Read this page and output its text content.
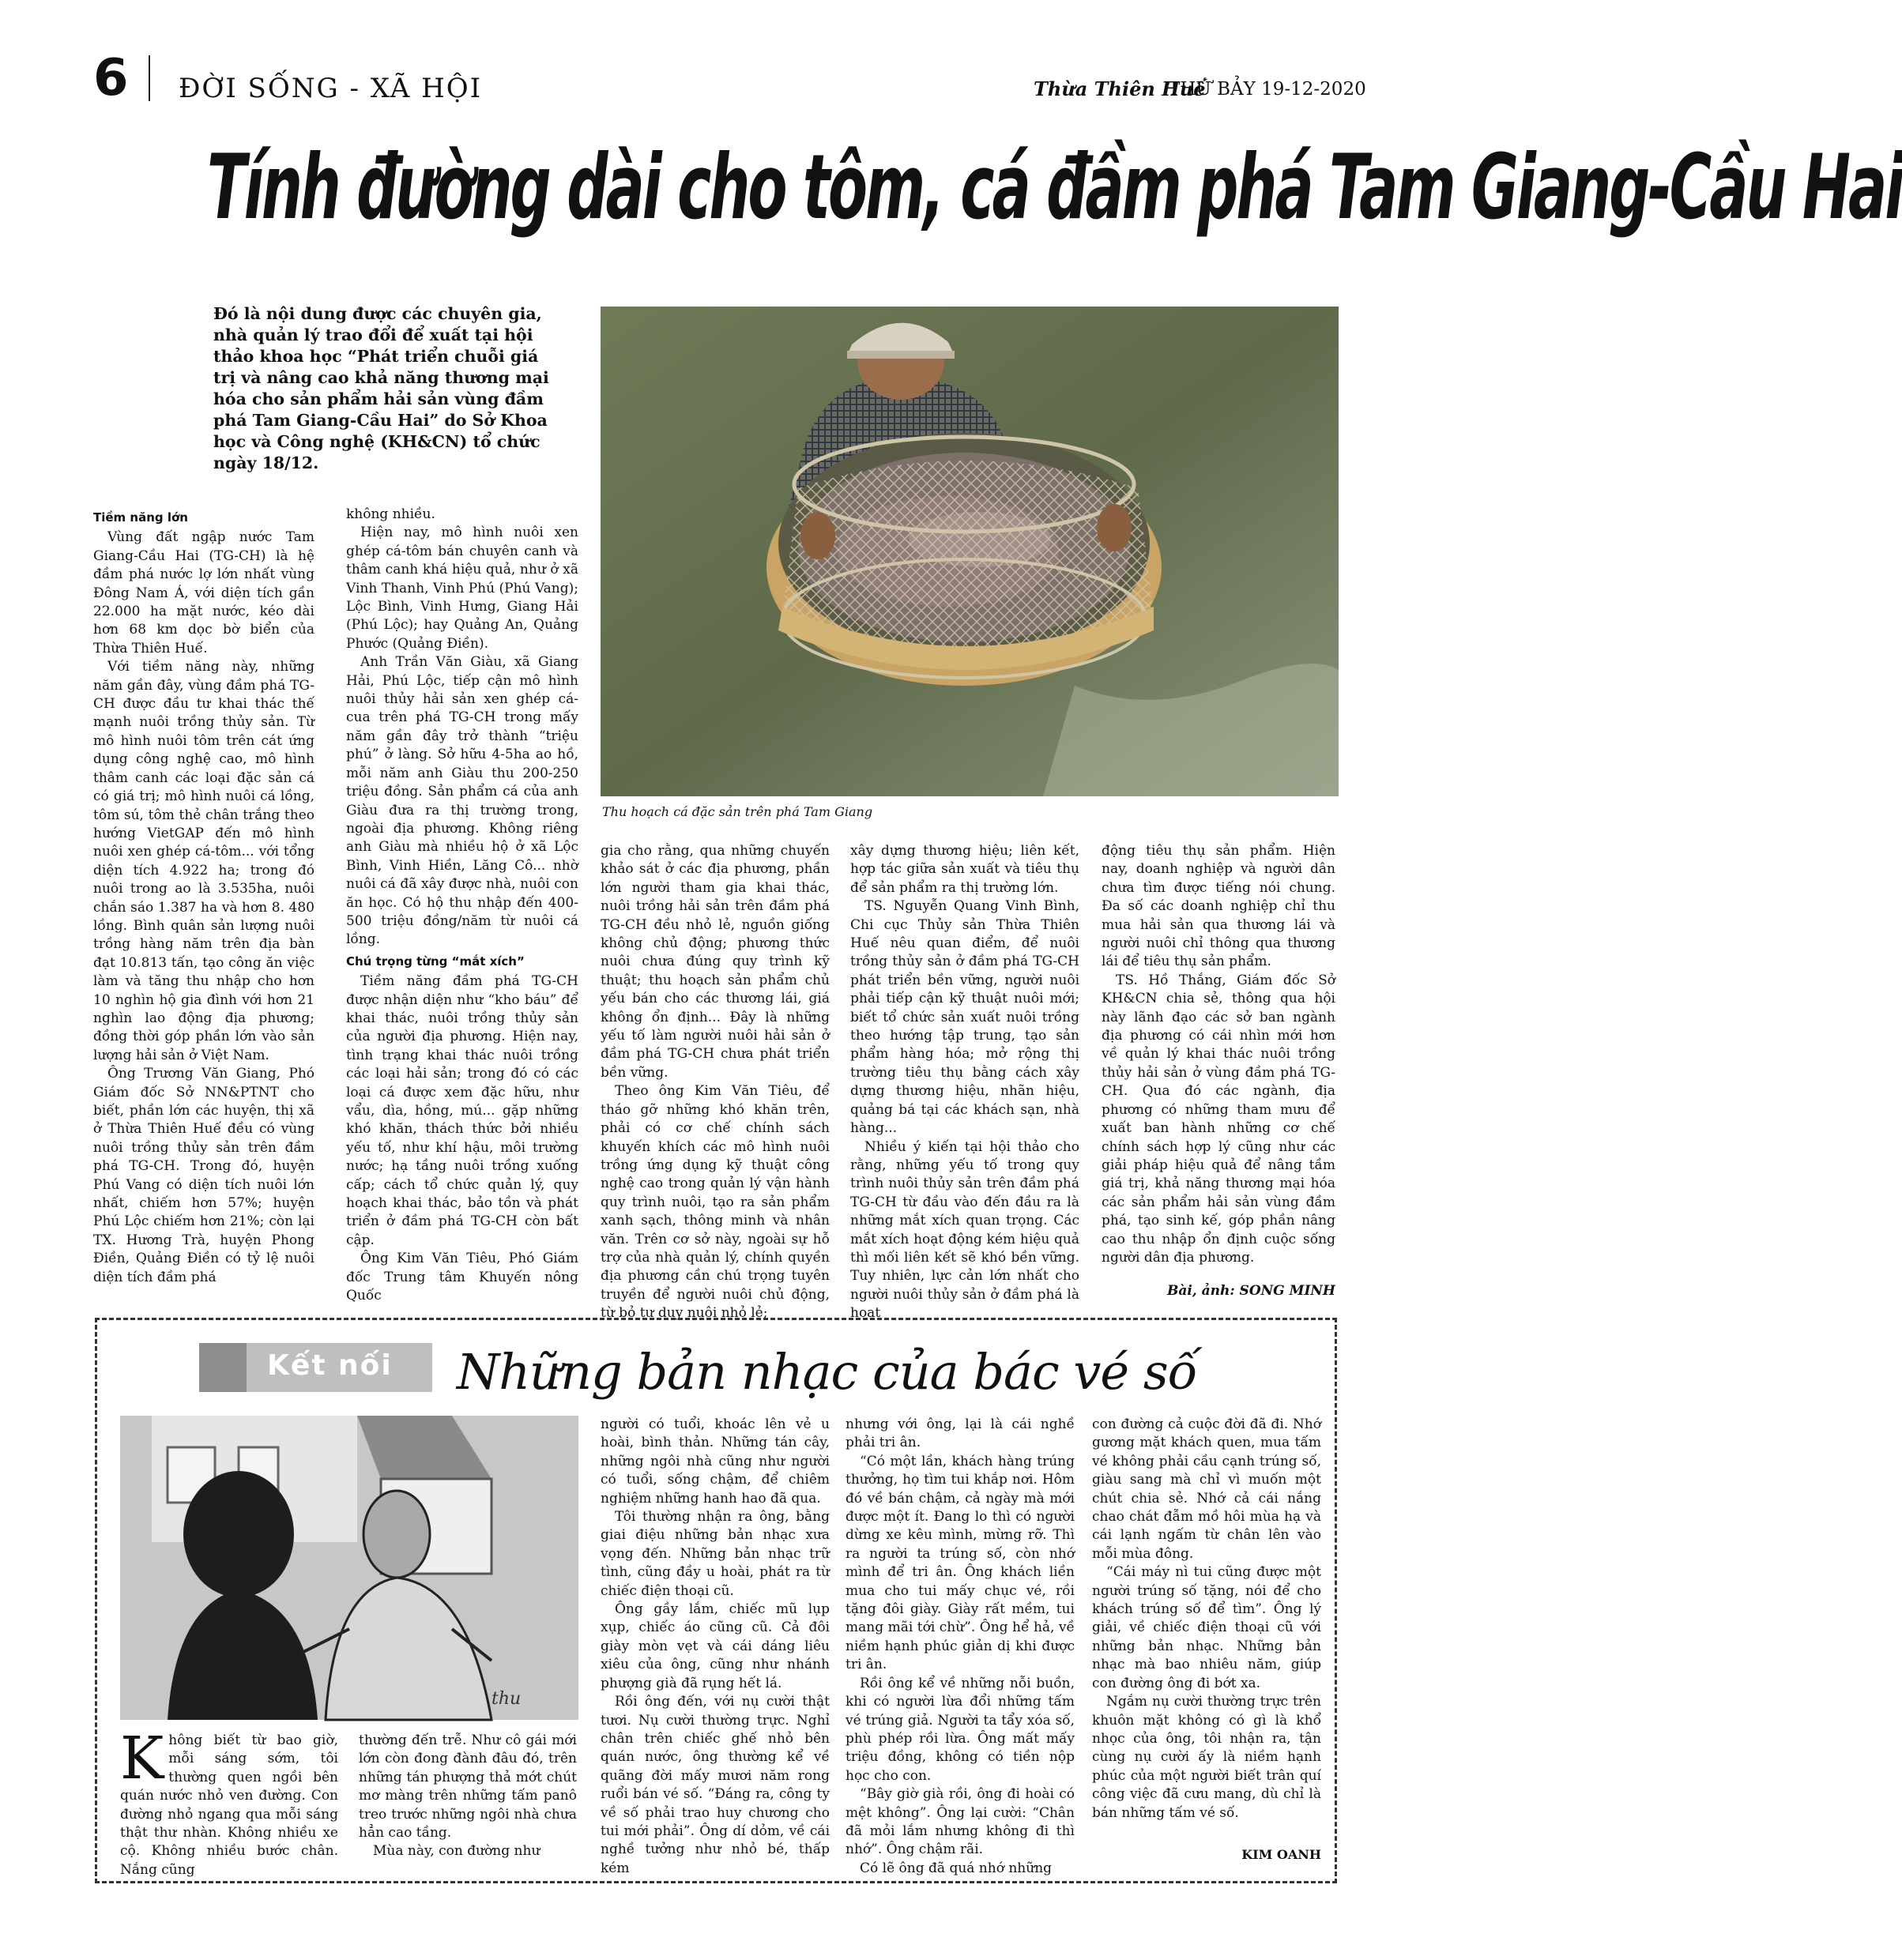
6 ĐỜI SỐNG - XÃ HỘI	Thừa Thiên Huế
THỨ BẢY 19-12-2020
Tính đường dài cho tôm, cá đầm phá Tam Giang-Cầu Hai
Đó là nội dung được các chuyên gia, nhà quản lý trao đổi để xuất tại hội thảo khoa học “Phát triển chuỗi giá trị và nâng cao khả năng thương mại hóa cho sản phẩm hải sản vùng đầm phá Tam Giang-Cầu Hai” do Sở Khoa học và Công nghệ (KH&CN) tổ chức ngày 18/12.
Thu hoạch cá đặc sản trên phá Tam Giang
Tiềm năng lớn

Vùng đất ngập nước Tam Giang-Cầu Hai (TG-CH) là hệ đầm phá nước lợ lớn nhất vùng Đông Nam Á, với diện tích gần 22.000 ha mặt nước, kéo dài hơn 68 km dọc bờ biển của Thừa Thiên Huế.

Với tiềm năng này, những năm gần đây, vùng đầm phá TG-CH được đầu tư khai thác thế mạnh nuôi trồng thủy sản. Từ mô hình nuôi tôm trên cát ứng dụng công nghệ cao, mô hình thâm canh các loại đặc sản cá có giá trị; mô hình nuôi cá lồng, tôm sú, tôm thẻ chân trắng theo hướng VietGAP đến mô hình nuôi xen ghép cá-tôm... với tổng diện tích 4.922 ha; trong đó nuôi trong ao là 3.535ha, nuôi chắn sáo 1.387 ha và hơn 8. 480 lồng. Bình quân sản lượng nuôi trồng hàng năm trên địa bàn đạt 10.813 tấn, tạo công ăn việc làm và tăng thu nhập cho hơn 10 nghìn hộ gia đình với hơn 21 nghìn lao động địa phương; đồng thời góp phần lớn vào sản lượng hải sản ở Việt Nam.

Ông Trương Văn Giang, Phó Giám đốc Sở NN&PTNT cho biết, phần lớn các huyện, thị xã ở Thừa Thiên Huế đều có vùng nuôi trồng thủy sản trên đầm phá TG-CH. Trong đó, huyện Phú Vang có diện tích nuôi lớn nhất, chiếm hơn 57%; huyện Phú Lộc chiếm hơn 21%; còn lại TX. Hương Trà, huyện Phong Điền, Quảng Điền có tỷ lệ nuôi diện tích đầm phá

không nhiều.

Hiện nay, mô hình nuôi xen ghép cá-tôm bán chuyên canh và thâm canh khá hiệu quả, như ở xã Vinh Thanh, Vinh Phú (Phú Vang); Lộc Bình, Vinh Hưng, Giang Hải (Phú Lộc); hay Quảng An, Quảng Phước (Quảng Điền).

Anh Trần Văn Giàu, xã Giang Hải, Phú Lộc, tiếp cận mô hình nuôi thủy hải sản xen ghép cá-cua trên phá TG-CH trong mấy năm gần đây trở thành “triệu phú” ở làng. Sở hữu 4-5ha ao hồ, mỗi năm anh Giàu thu 200-250 triệu đồng. Sản phẩm cá của anh Giàu đưa ra thị trường trong, ngoài địa phương. Không riêng anh Giàu mà nhiều hộ ở xã Lộc Bình, Vinh Hiền, Lăng Cô... nhờ nuôi cá đã xây được nhà, nuôi con ăn học. Có hộ thu nhập đến 400-500 triệu đồng/năm từ nuôi cá lồng.

Chú trọng từng “mắt xích”

Tiềm năng đầm phá TG-CH được nhận diện như “kho báu” để khai thác, nuôi trồng thủy sản của người địa phương. Hiện nay, tình trạng khai thác nuôi trồng các loại hải sản; trong đó có các loại cá được xem đặc hữu, như vẩu, dìa, hồng, mú... gặp những khó khăn, thách thức bởi nhiều yếu tố, như khí hậu, môi trường nước; hạ tầng nuôi trồng xuống cấp; cách tổ chức quản lý, quy hoạch khai thác, bảo tồn và phát triển ở đầm phá TG-CH còn bất cập.

Ông Kim Văn Tiêu, Phó Giám đốc Trung tâm Khuyến nông Quốc

gia cho rằng, qua những chuyến khảo sát ở các địa phương, phần lớn người tham gia khai thác, nuôi trồng hải sản trên đầm phá TG-CH đều nhỏ lẻ, nguồn giống không chủ động; phương thức nuôi chưa đúng quy trình kỹ thuật; thu hoạch sản phẩm chủ yếu bán cho các thương lái, giá không ổn định... Đây là những yếu tố làm người nuôi hải sản ở đầm phá TG-CH chưa phát triển bền vững.

Theo ông Kim Văn Tiêu, để tháo gỡ những khó khăn trên, phải có cơ chế chính sách khuyến khích các mô hình nuôi trồng ứng dụng kỹ thuật công nghệ cao trong quản lý vận hành quy trình nuôi, tạo ra sản phẩm xanh sạch, thông minh và nhân văn. Trên cơ sở này, ngoài sự hỗ trợ của nhà quản lý, chính quyền địa phương cần chú trọng tuyên truyền để người nuôi chủ động, từ bỏ tư duy nuôi nhỏ lẻ;

xây dựng thương hiệu; liên kết, hợp tác giữa sản xuất và tiêu thụ để sản phẩm ra thị trường lớn.

TS. Nguyễn Quang Vinh Bình, Chi cục Thủy sản Thừa Thiên Huế nêu quan điểm, để nuôi trồng thủy sản ở đầm phá TG-CH phát triển bền vững, người nuôi phải tiếp cận kỹ thuật nuôi mới; biết tổ chức sản xuất nuôi trồng theo hướng tập trung, tạo sản phẩm hàng hóa; mở rộng thị trường tiêu thụ bằng cách xây dựng thương hiệu, nhãn hiệu, quảng bá tại các khách sạn, nhà hàng...

Nhiều ý kiến tại hội thảo cho rằng, những yếu tố trong quy trình nuôi thủy sản trên đầm phá TG-CH từ đầu vào đến đầu ra là những mắt xích quan trọng. Các mắt xích hoạt động kém hiệu quả thì mối liên kết sẽ khó bền vững. Tuy nhiên, lực cản lớn nhất cho người nuôi thủy sản ở đầm phá là hoạt

động tiêu thụ sản phẩm. Hiện nay, doanh nghiệp và người dân chưa tìm được tiếng nói chung. Đa số các doanh nghiệp chỉ thu mua hải sản qua thương lái và người nuôi chỉ thông qua thương lái để tiêu thụ sản phẩm.

TS. Hồ Thắng, Giám đốc Sở KH&CN chia sẻ, thông qua hội này lãnh đạo các sở ban ngành địa phương có cái nhìn mới hơn về quản lý khai thác nuôi trồng thủy hải sản ở vùng đầm phá TG-CH. Qua đó các ngành, địa phương có những tham mưu để xuất ban hành những cơ chế chính sách hợp lý cũng như các giải pháp hiệu quả để nâng tầm giá trị, khả năng thương mại hóa các sản phẩm hải sản vùng đầm phá, tạo sinh kế, góp phần nâng cao thu nhập ổn định cuộc sống người dân địa phương.

Bài, ảnh: SONG MINH
Kết nối Những bản nhạc của bác vé số
thu
K hông biết từ bao giờ, mỗi sáng sớm, tôi thường quen ngồi bên quán nước nhỏ ven đường. Con đường nhỏ ngang qua mỗi sáng thật thư nhàn. Không nhiều xe cộ. Không nhiều bước chân. Nắng cũng

thường đến trễ. Như cô gái mới lớn còn đong đành đâu đó, trên những tán phượng thả mớt chút mơ màng trên những tấm panô treo trước những ngôi nhà chưa hẳn cao tầng.

Mùa này, con đường như

người có tuổi, khoác lên vẻ u hoài, bình thản. Những tán cây, những ngôi nhà cũng như người có tuổi, sống chậm, để chiêm nghiệm những hanh hao đã qua.

Tôi thường nhận ra ông, bằng giai điệu những bản nhạc xưa vọng đến. Những bản nhạc trữ tình, cũng đầy u hoài, phát ra từ chiếc điện thoại cũ.

Ông gầy lắm, chiếc mũ lụp xụp, chiếc áo cũng cũ. Cả đôi giày mòn vẹt và cái dáng liêu xiêu của ông, cũng như nhánh phượng già đã rụng hết lá.

Rồi ông đến, với nụ cười thật tươi. Nụ cười thường trực. Nghỉ chân trên chiếc ghế nhỏ bên quán nước, ông thường kể về quãng đời mấy mươi năm rong ruổi bán vé số. “Đáng ra, công ty về số phải trao huy chương cho tui mới phải”. Ông dí dỏm, về cái nghề tưởng như nhỏ bé, thấp kém

nhưng với ông, lại là cái nghề phải tri ân.

“Có một lần, khách hàng trúng thưởng, họ tìm tui khắp nơi. Hôm đó về bán chậm, cả ngày mà mới được một ít. Đang lo thì có người dừng xe kêu mình, mừng rỡ. Thì ra người ta trúng số, còn nhớ mình để tri ân. Ông khách liền mua cho tui mấy chục vé, rồi tặng đôi giày. Giày rất mềm, tui mang mãi tới chừ”. Ông hể hả, về niềm hạnh phúc giản dị khi được tri ân.

Rồi ông kể về những nỗi buồn, khi có người lừa đổi những tấm vé trúng giả. Người ta tẩy xóa số, phù phép rồi lừa. Ông mất mấy triệu đồng, không có tiền nộp học cho con.

“Bây giờ già rồi, ông đi hoài có mệt không”. Ông lại cười: “Chân đã mỏi lắm nhưng không đi thì nhớ”. Ông chậm rãi.

Có lẽ ông đã quá nhớ những

con đường cả cuộc đời đã đi. Nhớ gương mặt khách quen, mua tấm vé không phải cầu cạnh trúng số, giàu sang mà chỉ vì muốn một chút chia sẻ. Nhớ cả cái nắng chao chát đẫm mồ hôi mùa hạ và cái lạnh ngấm từ chân lên vào mỗi mùa đông.

“Cái máy nì tui cũng được một người trúng số tặng, nói để cho khách trúng số để tìm”. Ông lý giải, về chiếc điện thoại cũ với những bản nhạc. Những bản nhạc mà bao nhiêu năm, giúp con đường ông đi bớt xa.

Ngắm nụ cười thường trực trên khuôn mặt không có gì là khổ nhọc của ông, tôi nhận ra, tận cùng nụ cười ấy là niềm hạnh phúc của một người biết trân quí công việc đã cưu mang, dù chỉ là bán những tấm vé số.

KIM OANH
